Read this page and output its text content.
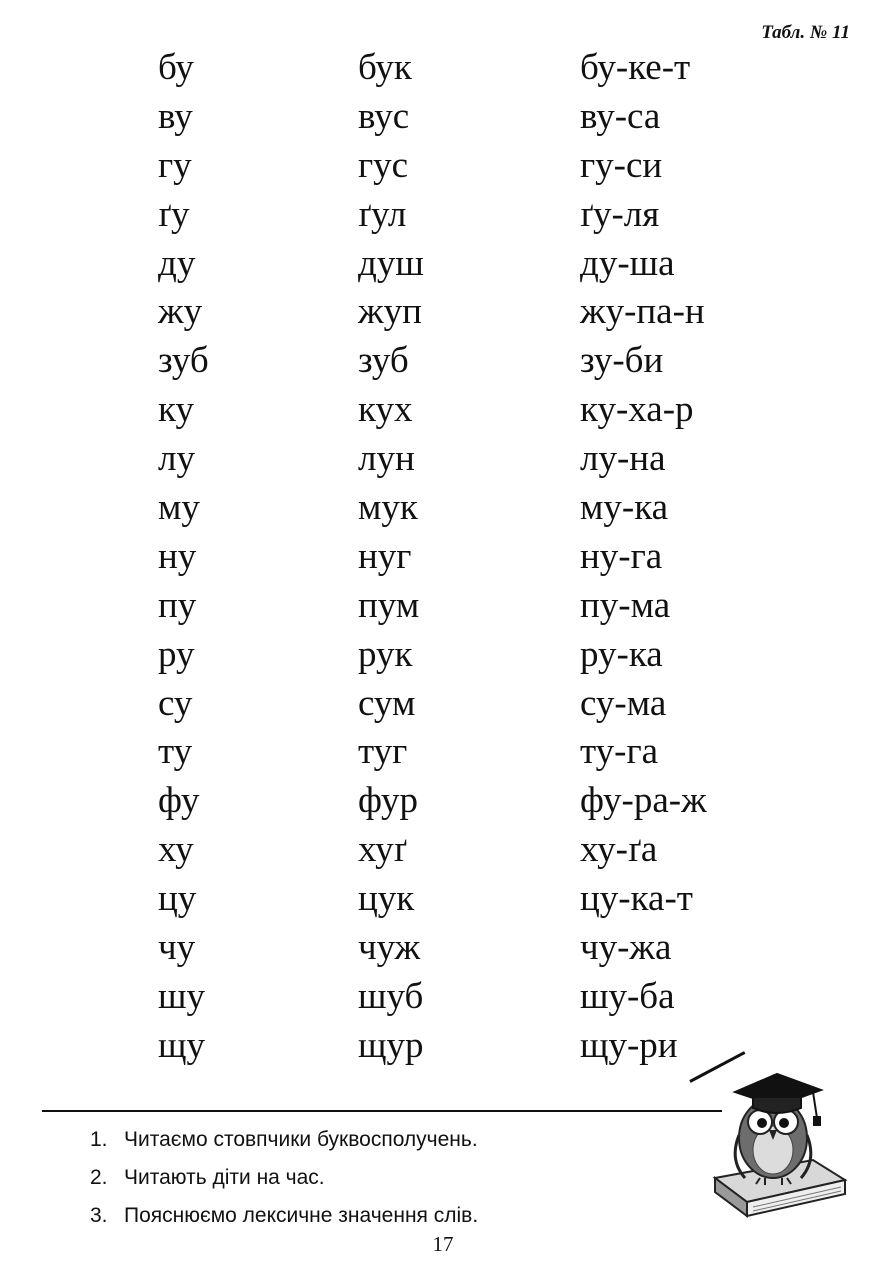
Табл. № 11
бу	бук	бу-ке-т
ву	вус	ву-са
гу	гус	гу-си
ґу	ґул	ґу-ля
ду	душ	ду-ша
жу	жуп	жу-па-н
зуб	зуб	зу-би
ку	кух	ку-ха-р
лу	лун	лу-на
му	мук	му-ка
ну	нуг	ну-га
пу	пум	пу-ма
ру	рук	ру-ка
су	сум	су-ма
ту	туг	ту-га
фу	фур	фу-ра-ж
ху	хуґ	ху-ґа
цу	цук	цу-ка-т
чу	чуж	чу-жа
шу	шуб	шу-ба
щу	щур	щу-ри
1. Читаємо стовпчики буквосполучень.
2. Читають діти на час.
3. Пояснюємо лексичне значення слів.
17
